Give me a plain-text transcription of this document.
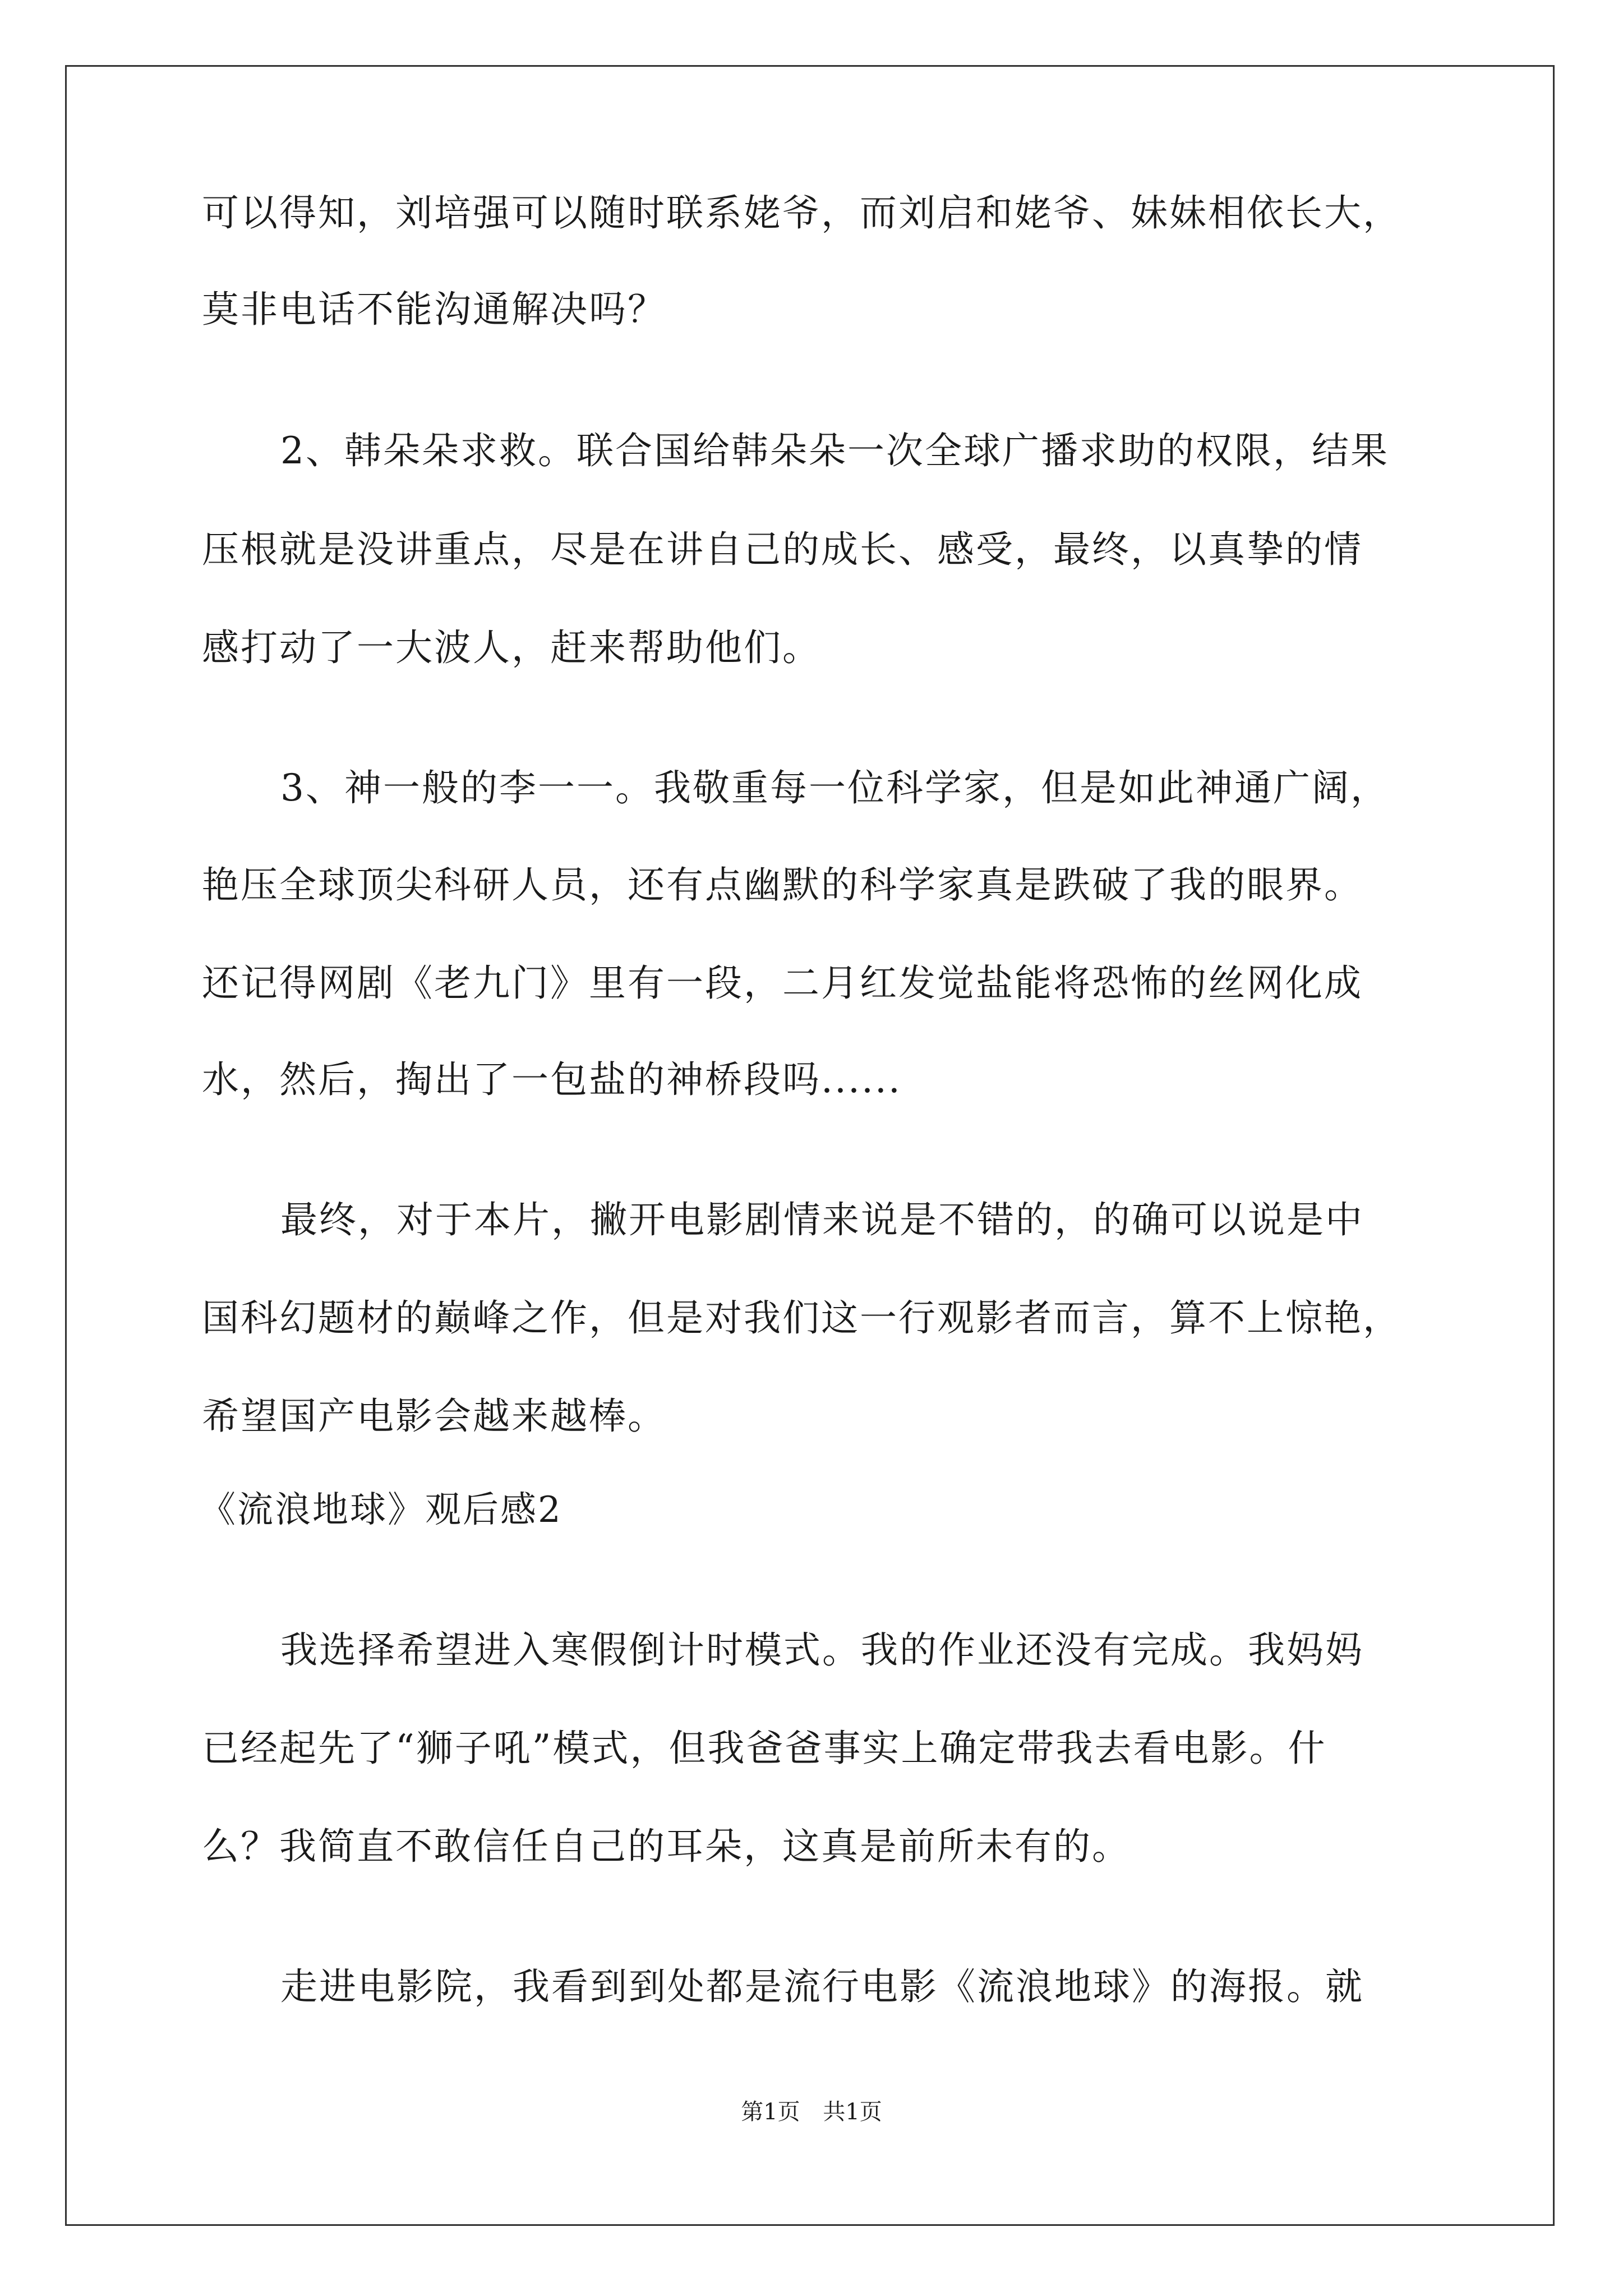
可以得知，刘培强可以随时联系姥爷，而刘启和姥爷、妹妹相依长大，
莫非电话不能沟通解决吗？
2、韩朵朵求救。联合国给韩朵朵一次全球广播求助的权限，结果
压根就是没讲重点，尽是在讲自己的成长、感受，最终，以真挚的情
感打动了一大波人，赶来帮助他们。
3、神一般的李一一。我敬重每一位科学家，但是如此神通广阔，
艳压全球顶尖科研人员，还有点幽默的科学家真是跌破了我的眼界。
还记得网剧《老九门》里有一段，二月红发觉盐能将恐怖的丝网化成
水，然后，掏出了一包盐的神桥段吗......
最终，对于本片，撇开电影剧情来说是不错的，的确可以说是中
国科幻题材的巅峰之作，但是对我们这一行观影者而言，算不上惊艳，
希望国产电影会越来越棒。
《流浪地球》观后感2
我选择希望进入寒假倒计时模式。我的作业还没有完成。我妈妈
已经起先了“狮子吼”模式，但我爸爸事实上确定带我去看电影。什
么？我简直不敢信任自己的耳朵，这真是前所未有的。
走进电影院，我看到到处都是流行电影《流浪地球》的海报。就
第1页 共1页
